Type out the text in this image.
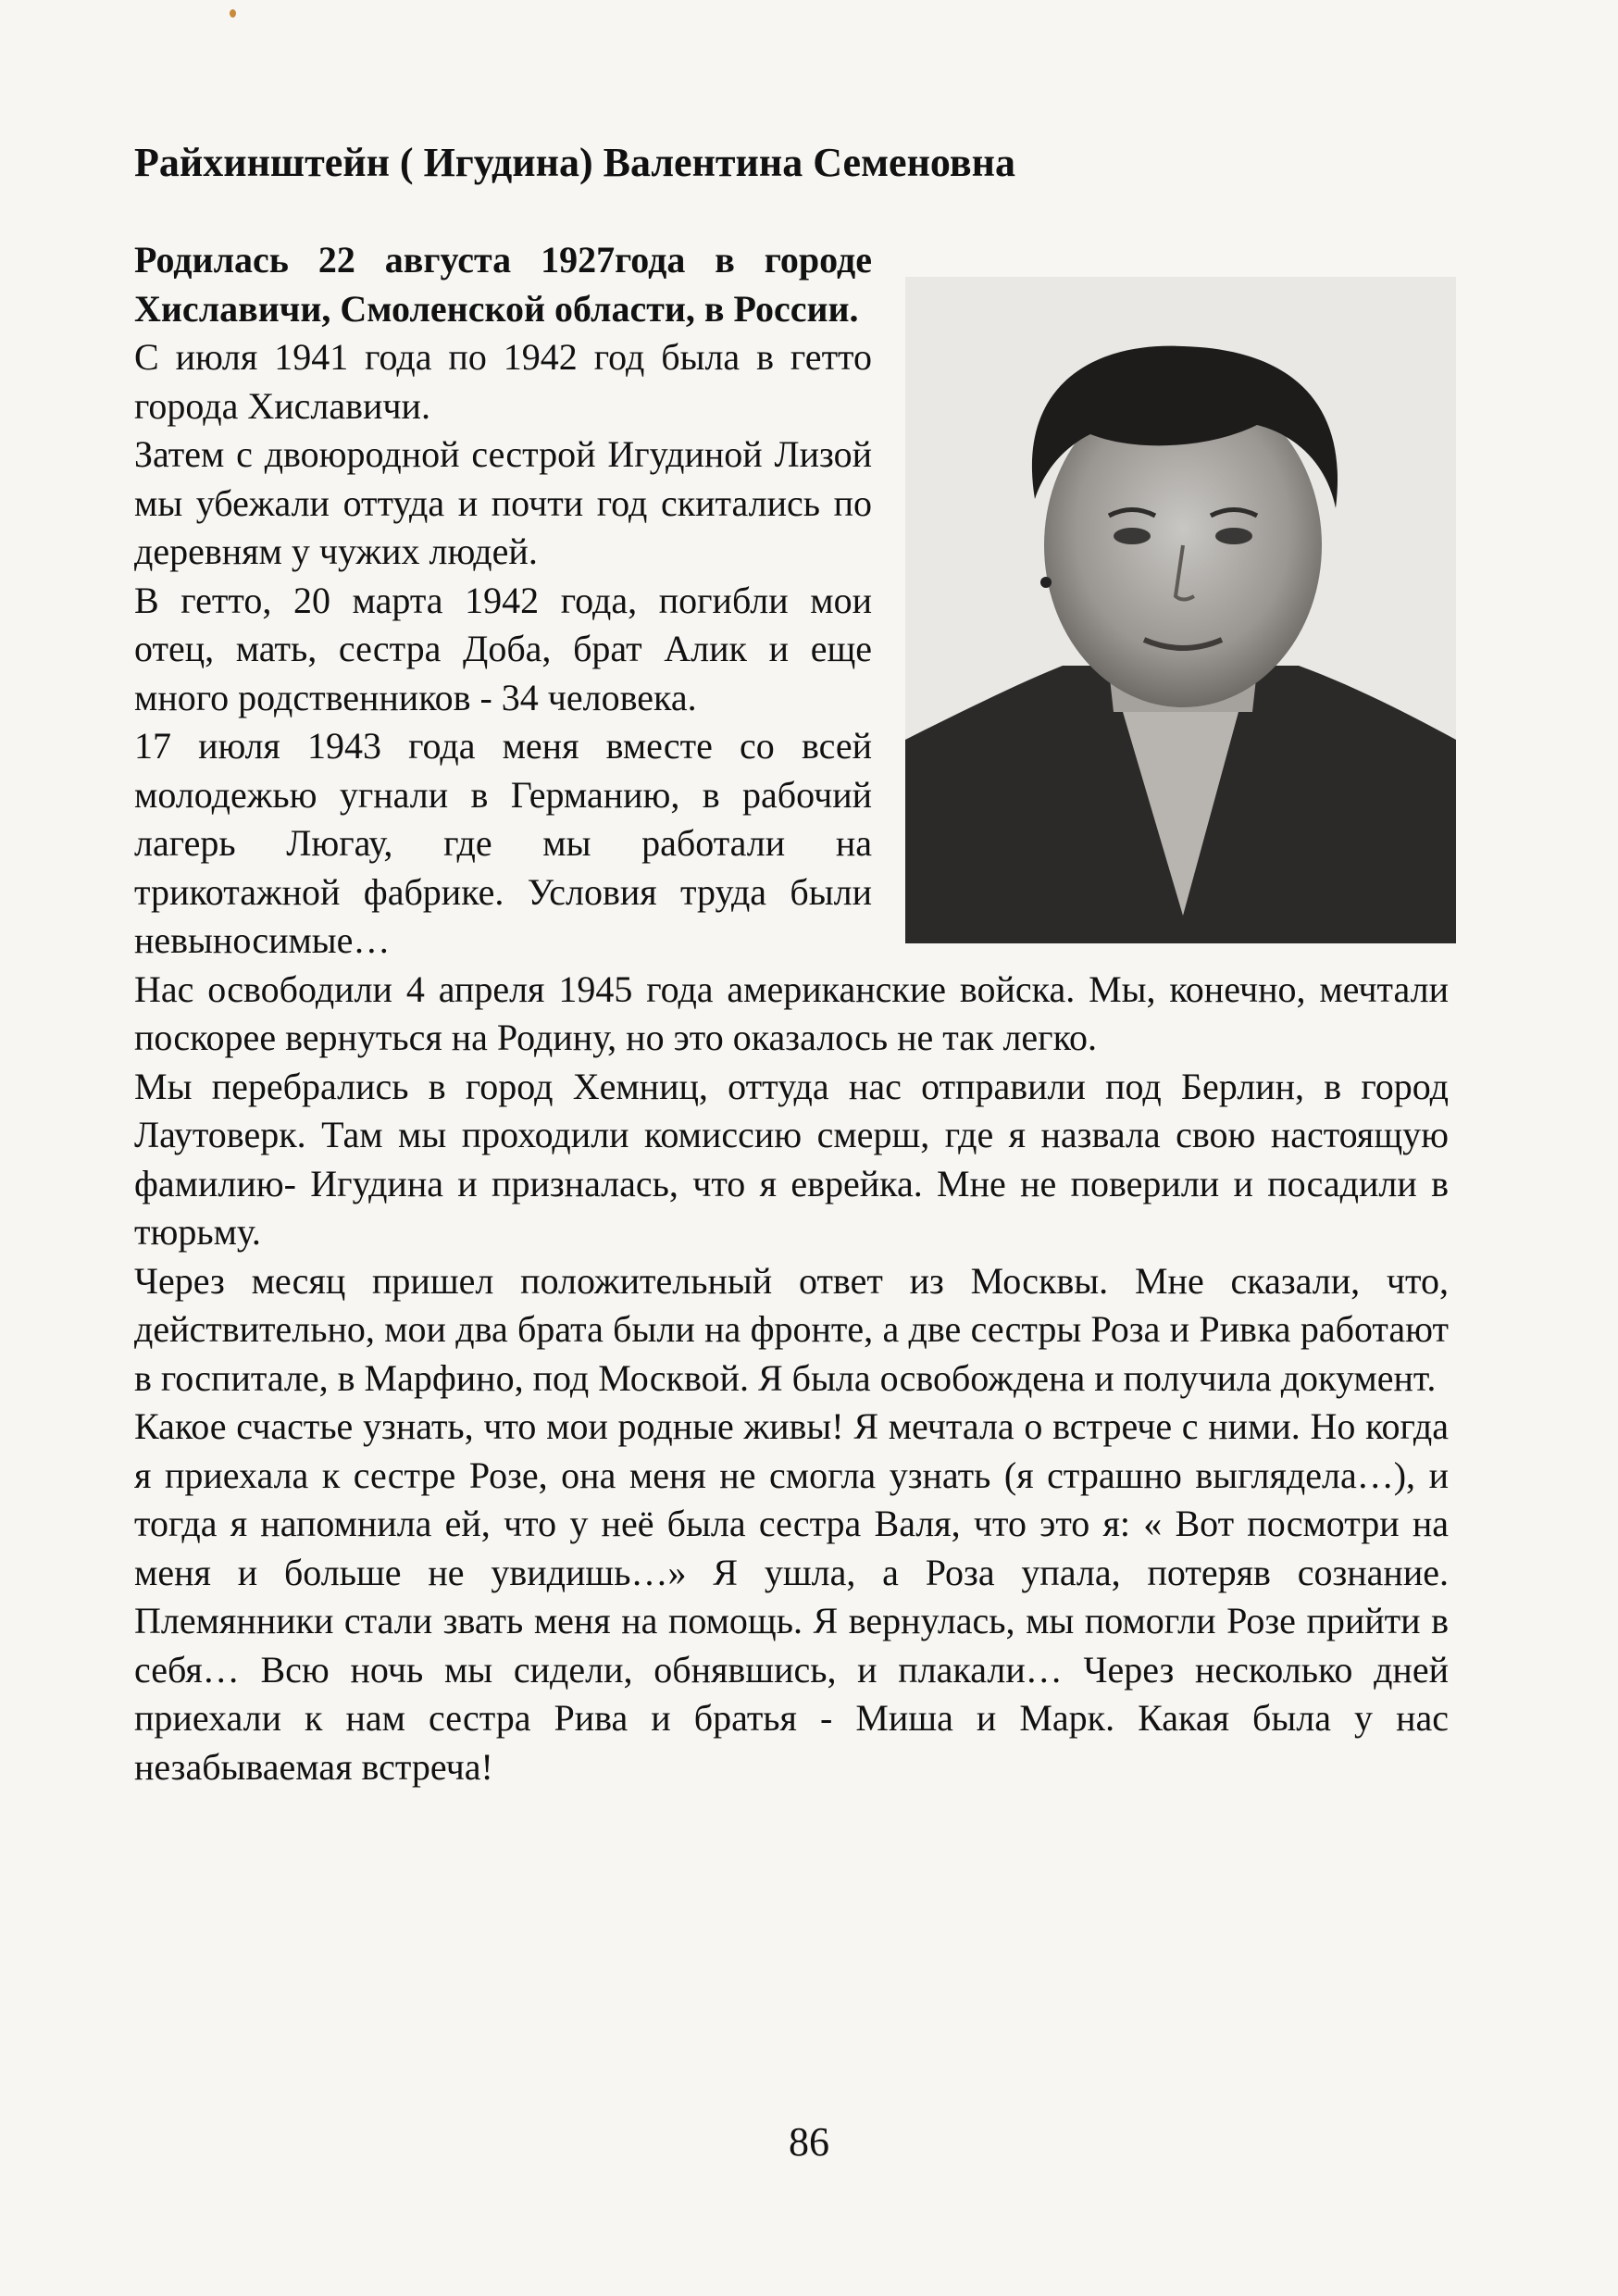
Райхинштейн ( Игудина) Валентина Семеновна

Родилась 22 августа 1927года в городе Хиславичи, Смоленской области, в России.

С июля 1941 года по 1942 год была в гетто города Хиславичи.

Затем с двоюродной сестрой Игудиной Лизой мы убежали оттуда и почти год скитались по деревням у чужих людей.

В гетто, 20 марта 1942 года, погибли мои отец, мать, сестра Доба, брат Алик и еще много родственников - 34 человека.

17 июля 1943 года меня вместе со всей молодежью угнали в Германию, в рабочий лагерь Люгау, где мы работали на трикотажной фабрике. Условия труда были невыносимые…

Нас освободили 4 апреля 1945 года американские войска. Мы, конечно, мечтали поскорее вернуться на Родину, но это оказалось не так легко.

Мы перебрались в город Хемниц, оттуда нас отправили под Берлин, в город Лаутоверк. Там мы проходили комиссию смерш, где я назвала свою настоящую фамилию- Игудина и призналась, что я еврейка. Мне не поверили и посадили в тюрьму.

Через месяц пришел положительный ответ из Москвы. Мне сказали, что, действительно, мои два брата были на фронте, а две сестры Роза и Ривка работают в госпитале, в Марфино, под Москвой. Я была освобождена и получила документ.

Какое счастье узнать, что мои родные живы! Я мечтала о встрече с ними. Но когда я приехала к сестре Розе, она меня не смогла узнать (я страшно выглядела…), и тогда я напомнила ей, что у неё была сестра Валя, что это я: « Вот посмотри на меня и больше не увидишь…» Я ушла, а Роза упала, потеряв сознание. Племянники стали звать меня на помощь. Я вернулась, мы помогли Розе прийти в себя… Всю ночь мы сидели, обнявшись, и плакали… Через несколько дней приехали к нам сестра Рива и братья - Миша и Марк. Какая была у нас незабываемая встреча!

86
